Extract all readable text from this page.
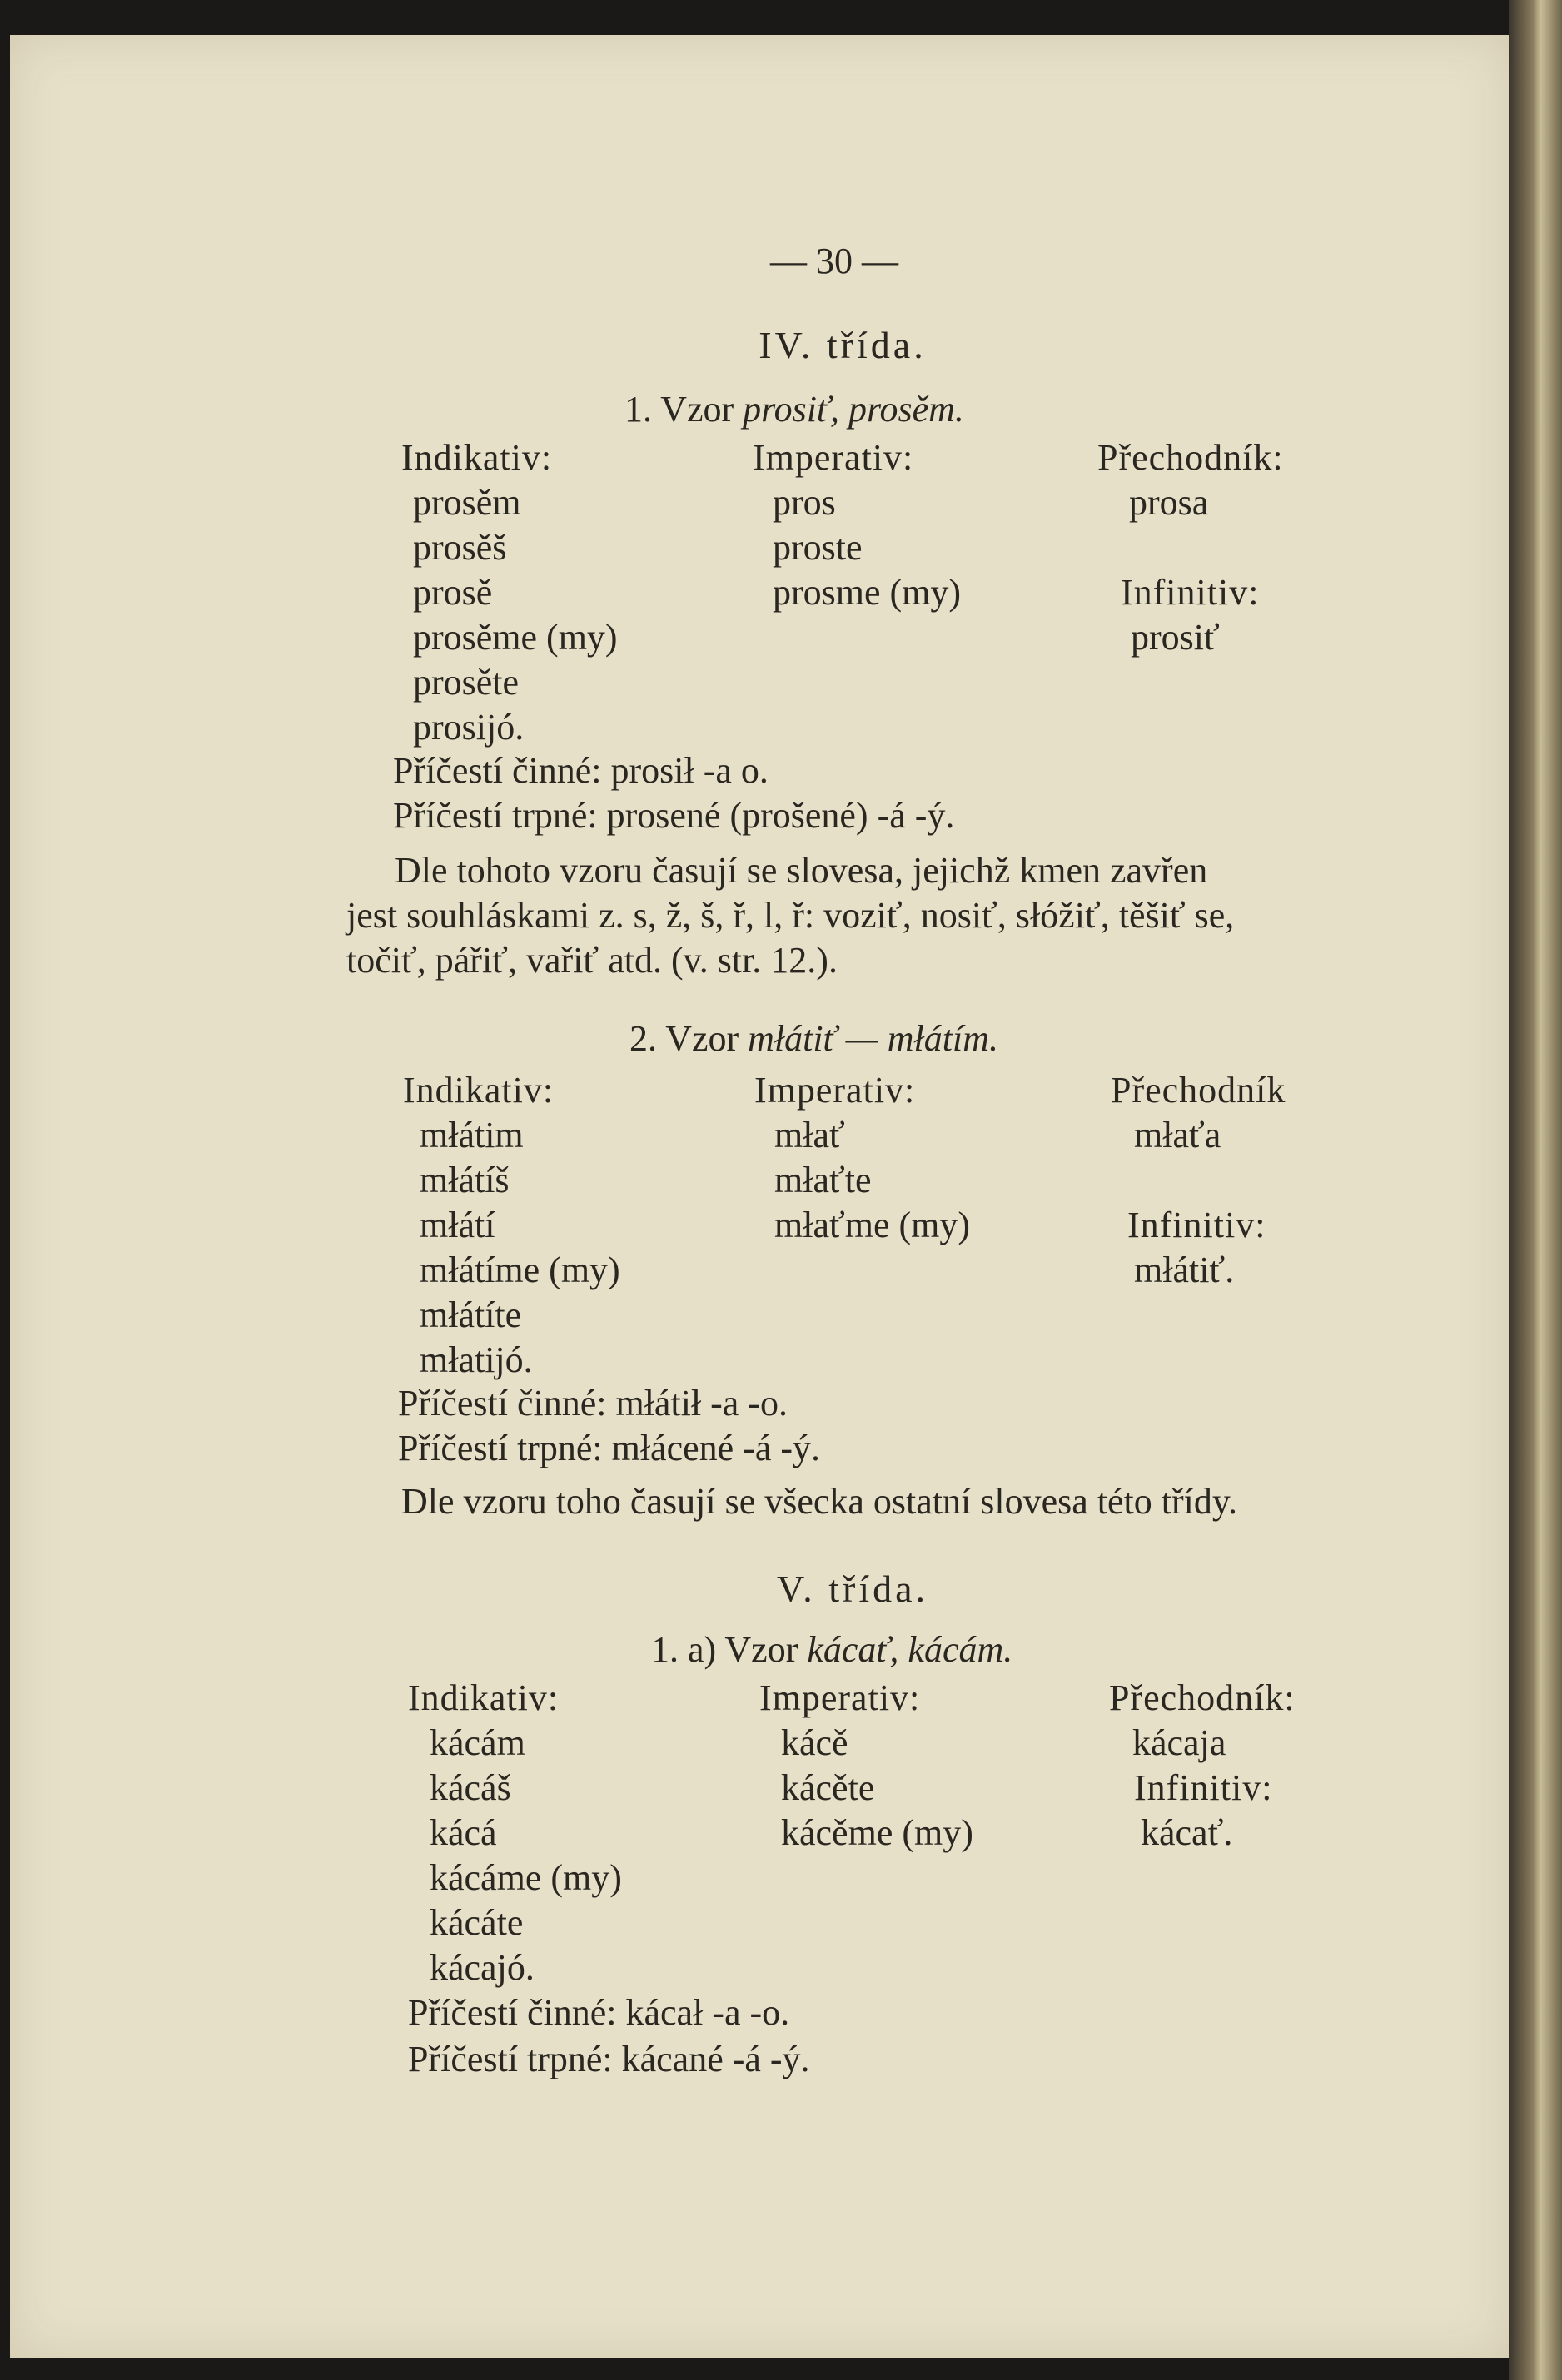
— 30 —
IV. třída.
1. Vzor prosiť, prosěm.
Indikativ:
prosěm
prosěš
prosě
prosěme (my)
prosěte
prosijó.
Imperativ:
pros
proste
prosme (my)
Přechodník:
prosa
Infinitiv:
prosiť
Příčestí činné: prosił -a o.
Příčestí trpné: prosené (prošené) -á -ý.
Dle tohoto vzoru časují se slovesa, jejichž kmen zavřen
jest souhláskami z. s, ž, š, ř, l, ř: voziť, nosiť, słóžiť, těšiť se,
točiť, pářiť, vařiť atd. (v. str. 12.).
2. Vzor młátiť — młátím.
Indikativ:
młátim
młátíš
młátí
młátíme (my)
młátíte
młatijó.
Imperativ:
młať
młaťte
młaťme (my)
Přechodník
młaťa
Infinitiv:
młátiť.
Příčestí činné: młátił -a -o.
Příčestí trpné: młácené -á -ý.
Dle vzoru toho časují se všecka ostatní slovesa této třídy.
V. třída.
1. a) Vzor kácať, kácám.
Indikativ:
kácám
kácáš
kácá
kácáme (my)
kácáte
kácajó.
Imperativ:
kácě
kácěte
kácěme (my)
Přechodník:
kácaja
Infinitiv:
kácať.
Příčestí činné: kácał -a -o.
Příčestí trpné: kácané -á -ý.
